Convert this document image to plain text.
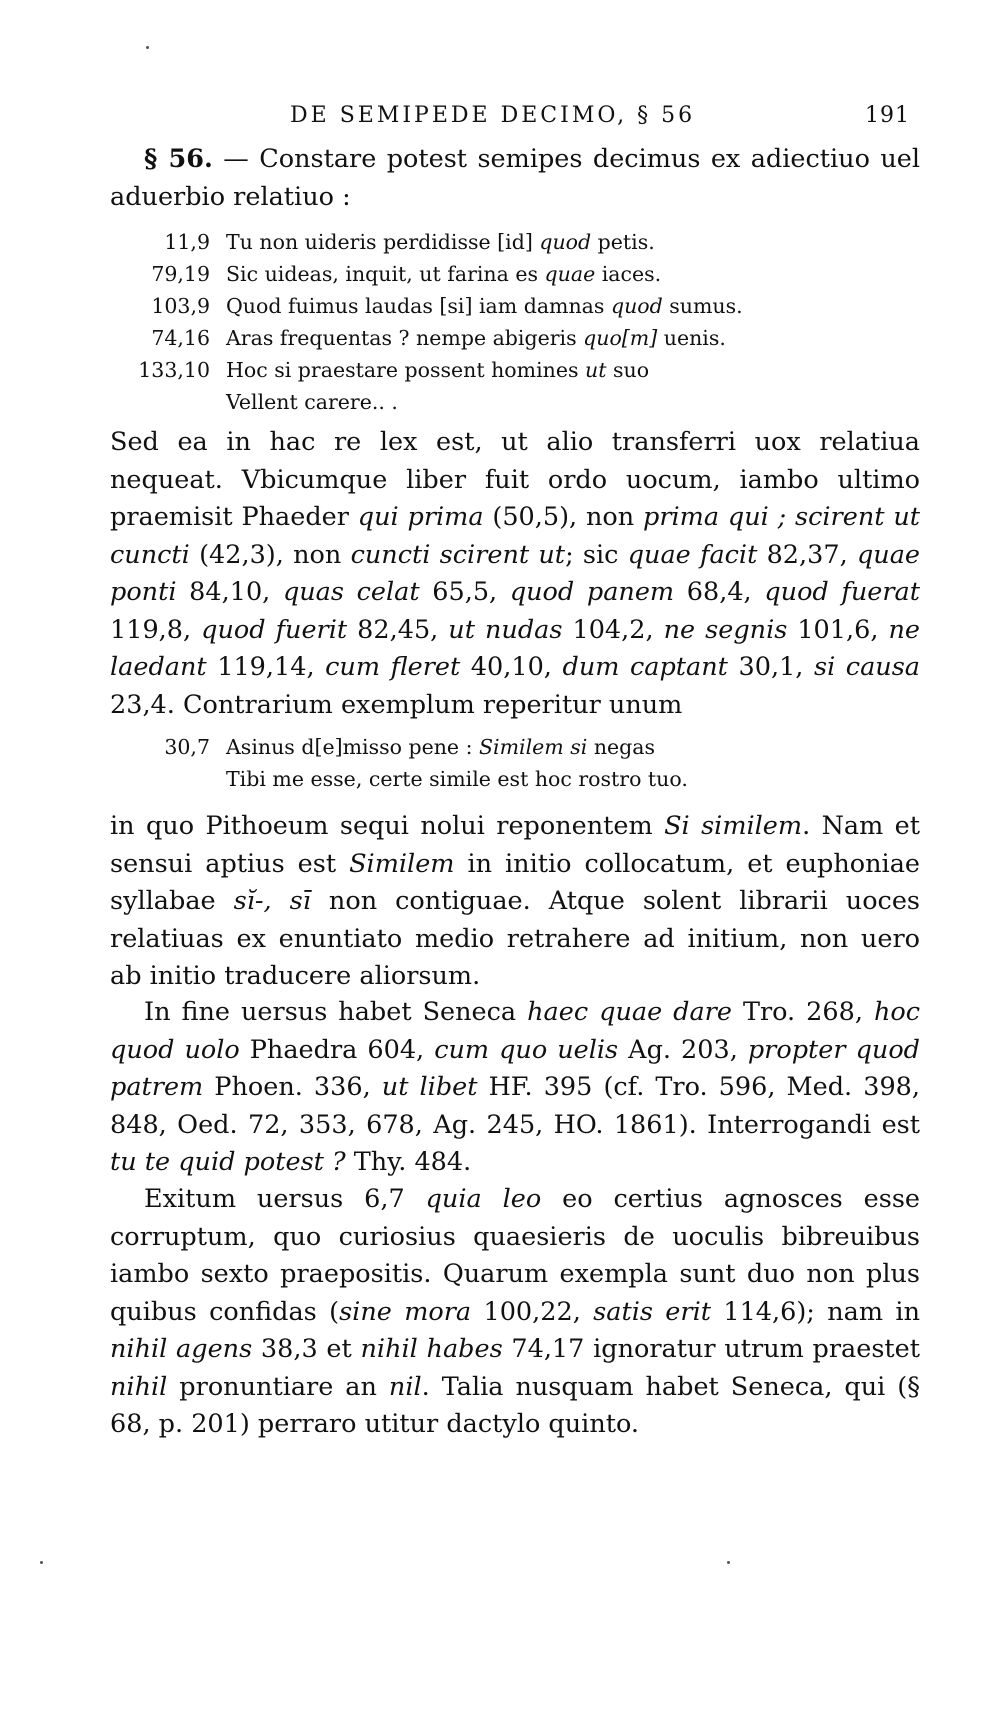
DE SEMIPEDE DECIMO, § 56	191

§ 56. — Constare potest semipes decimus ex adiectiuo uel aduerbio relatiuo :

11,9 Tu non uideris perdidisse [id] quod petis.
79,19 Sic uideas, inquit, ut farina es quae iaces.
103,9 Quod fuimus laudas [si] iam damnas quod sumus.
74,16 Aras frequentas ? nempe abigeris quo[m] uenis.
133,10 Hoc si praestare possent homines ut suo
Vellent carere.. .

Sed ea in hac re lex est, ut alio transferri uox relatiua nequeat. Vbicumque liber fuit ordo uocum, iambo ultimo praemisit Phaeder qui prima (50,5), non prima qui ; scirent ut cuncti (42,3), non cuncti scirent ut; sic quae facit 82,37, quae ponti 84,10, quas celat 65,5, quod panem 68,4, quod fuerat 119,8, quod fuerit 82,45, ut nudas 104,2, ne segnis 101,6, ne laedant 119,14, cum fleret 40,10, dum captant 30,1, si causa 23,4. Contrarium exemplum reperitur unum

30,7 Asinus d[e]misso pene : Similem si negas
Tibi me esse, certe simile est hoc rostro tuo.

in quo Pithoeum sequi nolui reponentem Si similem. Nam et sensui aptius est Similem in initio collocatum, et euphoniae syllabae sĭ-, sī non contiguae. Atque solent librarii uoces relatiuas ex enuntiato medio retrahere ad initium, non uero ab initio traducere aliorsum.

In fine uersus habet Seneca haec quae dare Tro. 268, hoc quod uolo Phaedra 604, cum quo uelis Ag. 203, propter quod patrem Phoen. 336, ut libet HF. 395 (cf. Tro. 596, Med. 398, 848, Oed. 72, 353, 678, Ag. 245, HO. 1861). Interrogandi est tu te quid potest ? Thy. 484.

Exitum uersus 6,7 quia leo eo certius agnosces esse corruptum, quo curiosius quaesieris de uoculis bibreuibus iambo sexto praepositis. Quarum exempla sunt duo non plus quibus confidas (sine mora 100,22, satis erit 114,6); nam in nihil agens 38,3 et nihil habes 74,17 ignoratur utrum praestet nihil pronuntiare an nil. Talia nusquam habet Seneca, qui (§ 68, p. 201) perraro utitur dactylo quinto.
